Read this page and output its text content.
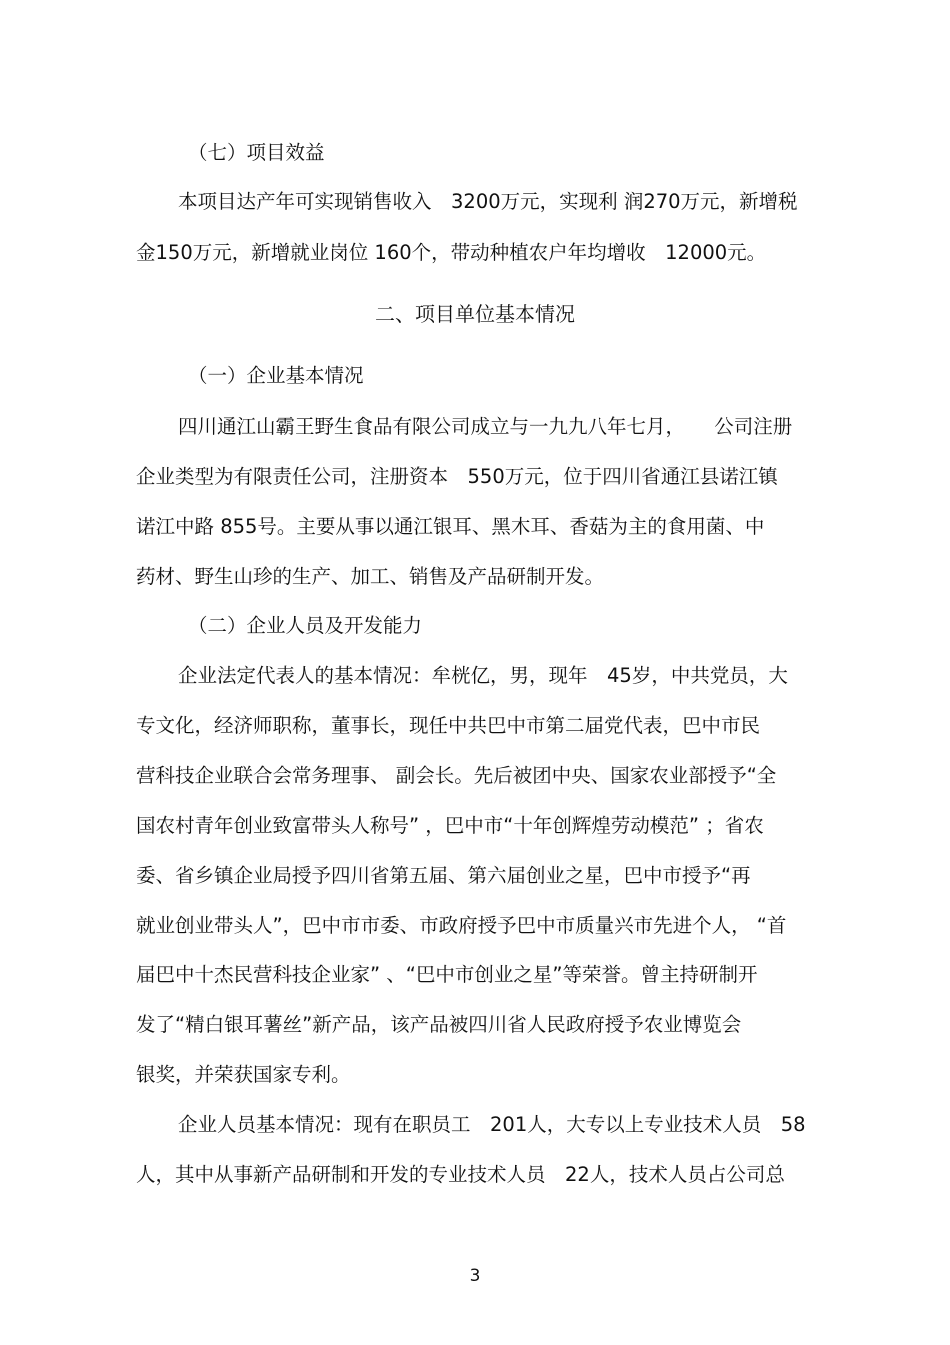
（七）项目效益
本项目达产年可实现销售收入　3200万元，实现利 润270万元，新增税
金150万元，新增就业岗位 160个，带动种植农户年均增收　12000元。
二、项目单位基本情况
（一）企业基本情况
四川通江山霸王野生食品有限公司成立与一九九八年七月，　　公司注册
企业类型为有限责任公司，注册资本　550万元，位于四川省通江县诺江镇
诺江中路 855号。主要从事以通江银耳、黑木耳、香菇为主的食用菌、中
药材、野生山珍的生产、加工、销售及产品研制开发。
（二）企业人员及开发能力
企业法定代表人的基本情况：牟桄亿，男，现年　45岁，中共党员，大
专文化，经济师职称，董事长，现任中共巴中市第二届党代表，巴中市民
营科技企业联合会常务理事、 副会长。先后被团中央、国家农业部授予“全
国农村青年创业致富带头人称号” ，巴中市“十年创辉煌劳动模范” ；省农
委、省乡镇企业局授予四川省第五届、第六届创业之星，巴中市授予“再
就业创业带头人”，巴中市市委、市政府授予巴中市质量兴市先进个人， “首
届巴中十杰民营科技企业家” 、“巴中市创业之星”等荣誉。曾主持研制开
发了“精白银耳薯丝”新产品，该产品被四川省人民政府授予农业博览会
银奖，并荣获国家专利。
企业人员基本情况：现有在职员工　201人，大专以上专业技术人员　58
人，其中从事新产品研制和开发的专业技术人员　22人，技术人员占公司总
3
